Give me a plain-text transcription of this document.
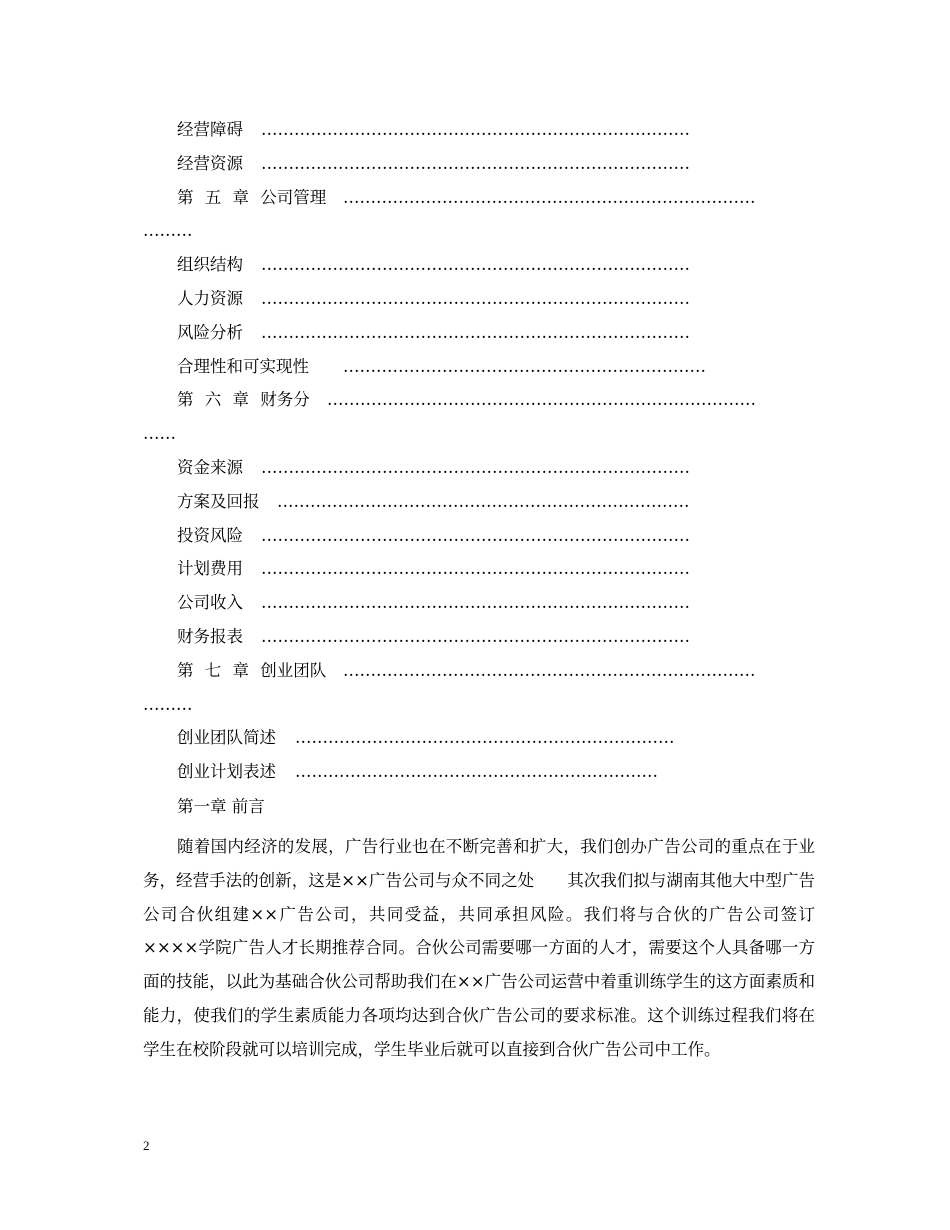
经营障碍 ……………………………………………………………………
经营资源 ……………………………………………………………………
第 五 章 公司管理 …………………………………………………………………
………
组织结构 ……………………………………………………………………
人力资源 ……………………………………………………………………
风险分析 ……………………………………………………………………
合理性和可实现性 …………………………………………………………
第 六 章 财务分 ……………………………………………………………………
……
资金来源 ……………………………………………………………………
方案及回报 …………………………………………………………………
投资风险 ……………………………………………………………………
计划费用 ……………………………………………………………………
公司收入 ……………………………………………………………………
财务报表 ……………………………………………………………………
第 七 章 创业团队 …………………………………………………………………
………
创业团队简述 ……………………………………………………………
创业计划表述 …………………………………………………………
第一章 前言

随着国内经济的发展，广告行业也在不断完善和扩大，我们创办广告公司的重点在于业务，经营手法的创新，这是××广告公司与众不同之处　　其次我们拟与湖南其他大中型广告公司合伙组建××广告公司，共同受益，共同承担风险。我们将与合伙的广告公司签订××××学院广告人才长期推荐合同。合伙公司需要哪一方面的人才，需要这个人具备哪一方面的技能，以此为基础合伙公司帮助我们在××广告公司运营中着重训练学生的这方面素质和能力，使我们的学生素质能力各项均达到合伙广告公司的要求标准。这个训练过程我们将在学生在校阶段就可以培训完成，学生毕业后就可以直接到合伙广告公司中工作。

2
